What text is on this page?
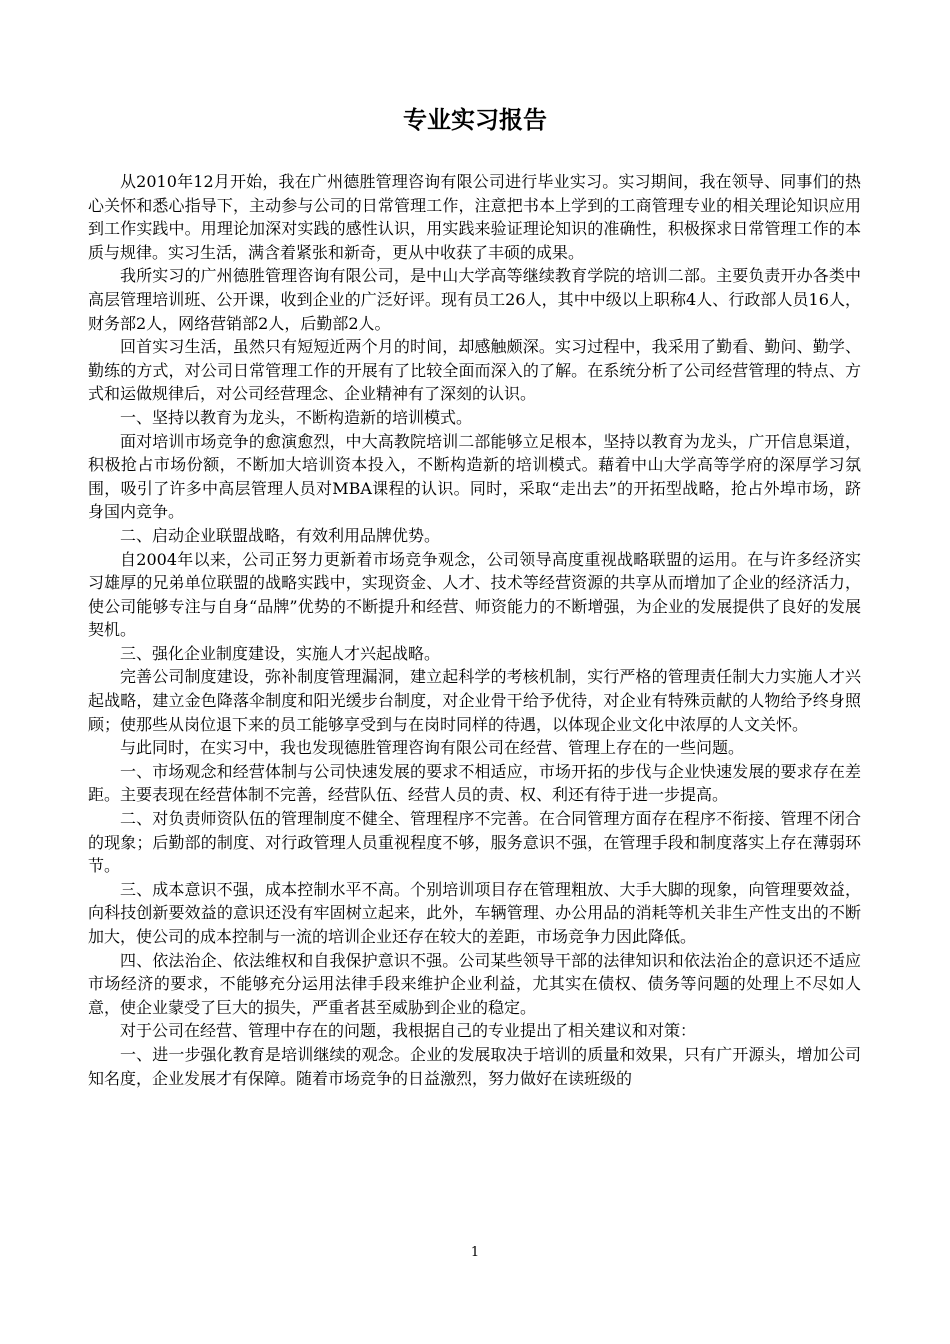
专业实习报告

从2010年12月开始，我在广州德胜管理咨询有限公司进行毕业实习。实习期间，我在领导、同事们的热心关怀和悉心指导下，主动参与公司的日常管理工作，注意把书本上学到的工商管理专业的相关理论知识应用到工作实践中。用理论加深对实践的感性认识，用实践来验证理论知识的准确性，积极探求日常管理工作的本质与规律。实习生活，满含着紧张和新奇，更从中收获了丰硕的成果。

我所实习的广州德胜管理咨询有限公司，是中山大学高等继续教育学院的培训二部。主要负责开办各类中高层管理培训班、公开课，收到企业的广泛好评。现有员工26人，其中中级以上职称4人、行政部人员16人，财务部2人，网络营销部2人，后勤部2人。

回首实习生活，虽然只有短短近两个月的时间，却感触颇深。实习过程中，我采用了勤看、勤问、勤学、勤练的方式，对公司日常管理工作的开展有了比较全面而深入的了解。在系统分析了公司经营管理的特点、方式和运做规律后，对公司经营理念、企业精神有了深刻的认识。

一、坚持以教育为龙头，不断构造新的培训模式。

面对培训市场竞争的愈演愈烈，中大高教院培训二部能够立足根本，坚持以教育为龙头，广开信息渠道，积极抢占市场份额，不断加大培训资本投入，不断构造新的培训模式。藉着中山大学高等学府的深厚学习氛围，吸引了许多中高层管理人员对MBA课程的认识。同时，采取“走出去”的开拓型战略，抢占外埠市场，跻身国内竞争。

二、启动企业联盟战略，有效利用品牌优势。

自2004年以来，公司正努力更新着市场竞争观念，公司领导高度重视战略联盟的运用。在与许多经济实习雄厚的兄弟单位联盟的战略实践中，实现资金、人才、技术等经营资源的共享从而增加了企业的经济活力，使公司能够专注与自身“品牌”优势的不断提升和经营、师资能力的不断增强，为企业的发展提供了良好的发展契机。

三、强化企业制度建设，实施人才兴起战略。

完善公司制度建设，弥补制度管理漏洞，建立起科学的考核机制，实行严格的管理责任制大力实施人才兴起战略，建立金色降落伞制度和阳光缓步台制度，对企业骨干给予优待，对企业有特殊贡献的人物给予终身照顾；使那些从岗位退下来的员工能够享受到与在岗时同样的待遇，以体现企业文化中浓厚的人文关怀。

与此同时，在实习中，我也发现德胜管理咨询有限公司在经营、管理上存在的一些问题。

一、市场观念和经营体制与公司快速发展的要求不相适应，市场开拓的步伐与企业快速发展的要求存在差距。主要表现在经营体制不完善，经营队伍、经营人员的责、权、利还有待于进一步提高。

二、对负责师资队伍的管理制度不健全、管理程序不完善。在合同管理方面存在程序不衔接、管理不闭合的现象；后勤部的制度、对行政管理人员重视程度不够，服务意识不强，在管理手段和制度落实上存在薄弱环节。

三、成本意识不强，成本控制水平不高。个别培训项目存在管理粗放、大手大脚的现象，向管理要效益，向科技创新要效益的意识还没有牢固树立起来，此外，车辆管理、办公用品的消耗等机关非生产性支出的不断加大，使公司的成本控制与一流的培训企业还存在较大的差距，市场竞争力因此降低。

四、依法治企、依法维权和自我保护意识不强。公司某些领导干部的法律知识和依法治企的意识还不适应市场经济的要求，不能够充分运用法律手段来维护企业利益，尤其实在债权、债务等问题的处理上不尽如人意，使企业蒙受了巨大的损失，严重者甚至威胁到企业的稳定。

对于公司在经营、管理中存在的问题，我根据自己的专业提出了相关建议和对策：

一、进一步强化教育是培训继续的观念。企业的发展取决于培训的质量和效果，只有广开源头，增加公司知名度，企业发展才有保障。随着市场竞争的日益激烈，努力做好在读班级的

1
